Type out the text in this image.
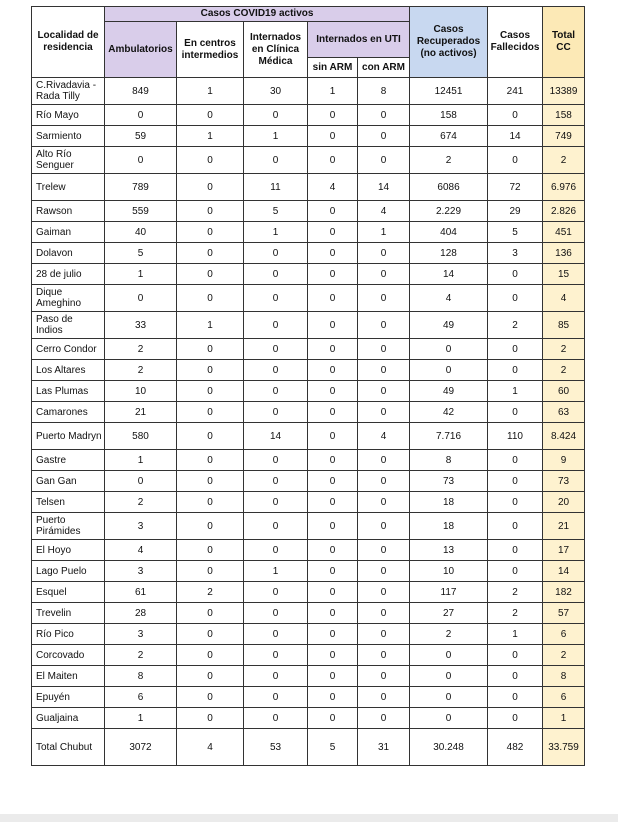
Localidad de residencia	Casos COVID19 activos					Casos Recuperados (no activos)	Casos Fallecidos	Total CC
	Ambulatorios	En centros intermedios	Internados en Clínica Médica	Internados en UTI				
				sin ARM	con ARM			
C.Rivadavia - Rada Tilly	849	1	30	1	8	12451	241	13389
Río Mayo	0	0	0	0	0	158	0	158
Sarmiento	59	1	1	0	0	674	14	749
Alto Río Senguer	0	0	0	0	0	2	0	2
Trelew	789	0	11	4	14	6086	72	6.976
Rawson	559	0	5	0	4	2.229	29	2.826
Gaiman	40	0	1	0	1	404	5	451
Dolavon	5	0	0	0	0	128	3	136
28 de julio	1	0	0	0	0	14	0	15
Dique Ameghino	0	0	0	0	0	4	0	4
Paso de Indios	33	1	0	0	0	49	2	85
Cerro Condor	2	0	0	0	0	0	0	2
Los Altares	2	0	0	0	0	0	0	2
Las Plumas	10	0	0	0	0	49	1	60
Camarones	21	0	0	0	0	42	0	63
Puerto Madryn	580	0	14	0	4	7.716	110	8.424
Gastre	1	0	0	0	0	8	0	9
Gan Gan	0	0	0	0	0	73	0	73
Telsen	2	0	0	0	0	18	0	20
Puerto Pirámides	3	0	0	0	0	18	0	21
El Hoyo	4	0	0	0	0	13	0	17
Lago Puelo	3	0	1	0	0	10	0	14
Esquel	61	2	0	0	0	117	2	182
Trevelin	28	0	0	0	0	27	2	57
Río Pico	3	0	0	0	0	2	1	6
Corcovado	2	0	0	0	0	0	0	2
El Maiten	8	0	0	0	0	0	0	8
Epuyén	6	0	0	0	0	0	0	6
Gualjaina	1	0	0	0	0	0	0	1
Total Chubut	3072	4	53	5	31	30.248	482	33.759
